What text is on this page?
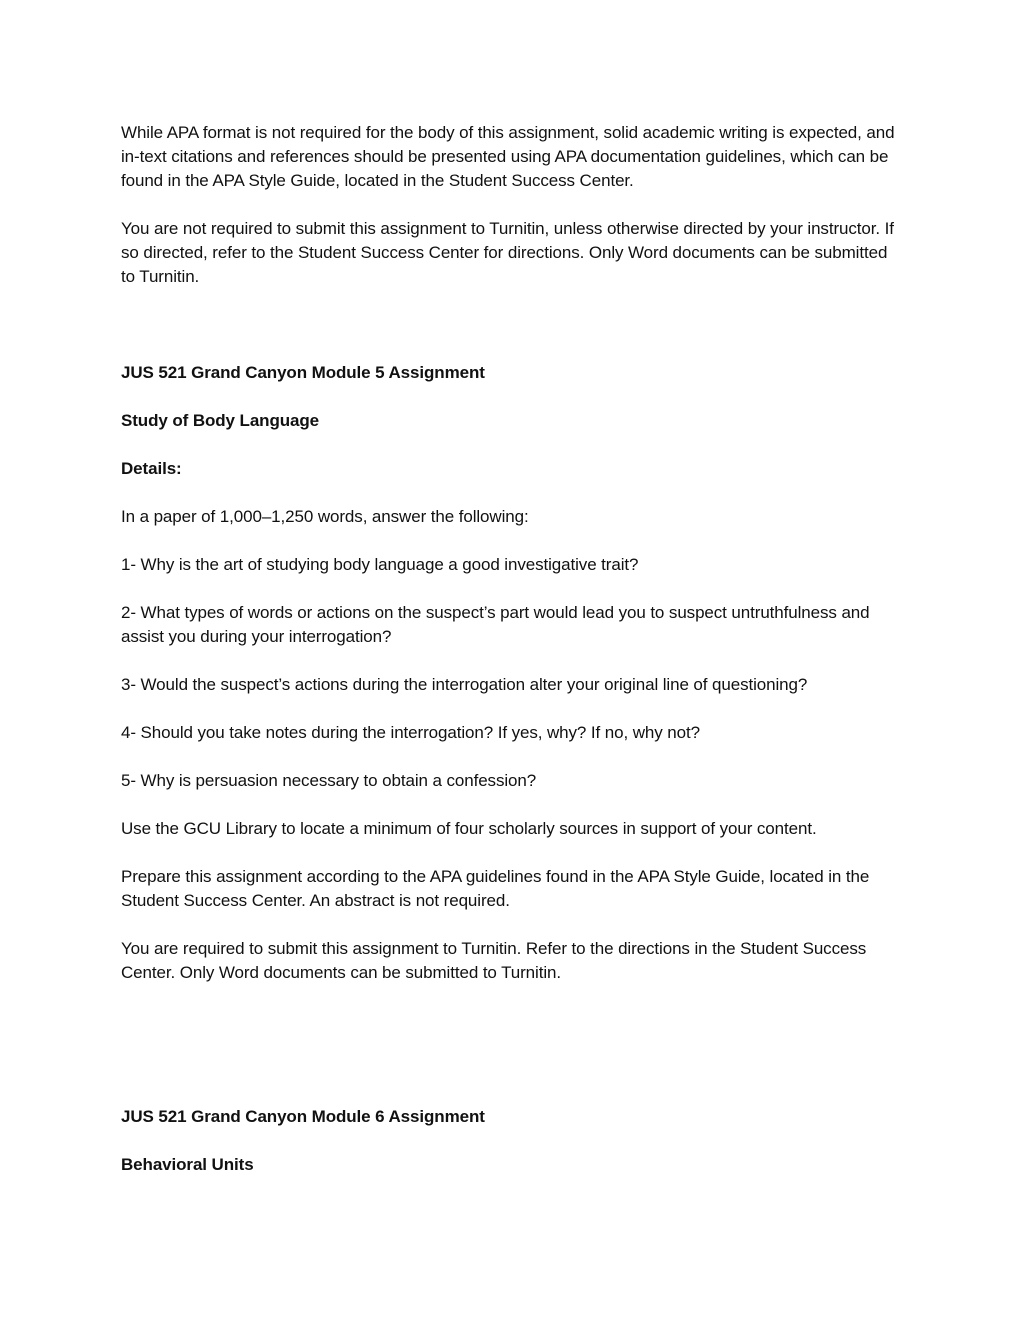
While APA format is not required for the body of this assignment, solid academic writing is expected, and in-text citations and references should be presented using APA documentation guidelines, which can be found in the APA Style Guide, located in the Student Success Center.

You are not required to submit this assignment to Turnitin, unless otherwise directed by your instructor. If so directed, refer to the Student Success Center for directions. Only Word documents can be submitted to Turnitin.

JUS 521 Grand Canyon Module 5 Assignment

Study of Body Language

Details:

In a paper of 1,000–1,250 words, answer the following:

1- Why is the art of studying body language a good investigative trait?

2- What types of words or actions on the suspect’s part would lead you to suspect untruthfulness and assist you during your interrogation?

3- Would the suspect’s actions during the interrogation alter your original line of questioning?

4- Should you take notes during the interrogation? If yes, why? If no, why not?

5- Why is persuasion necessary to obtain a confession?

Use the GCU Library to locate a minimum of four scholarly sources in support of your content.

Prepare this assignment according to the APA guidelines found in the APA Style Guide, located in the Student Success Center. An abstract is not required.

You are required to submit this assignment to Turnitin. Refer to the directions in the Student Success Center. Only Word documents can be submitted to Turnitin.

JUS 521 Grand Canyon Module 6 Assignment

Behavioral Units
